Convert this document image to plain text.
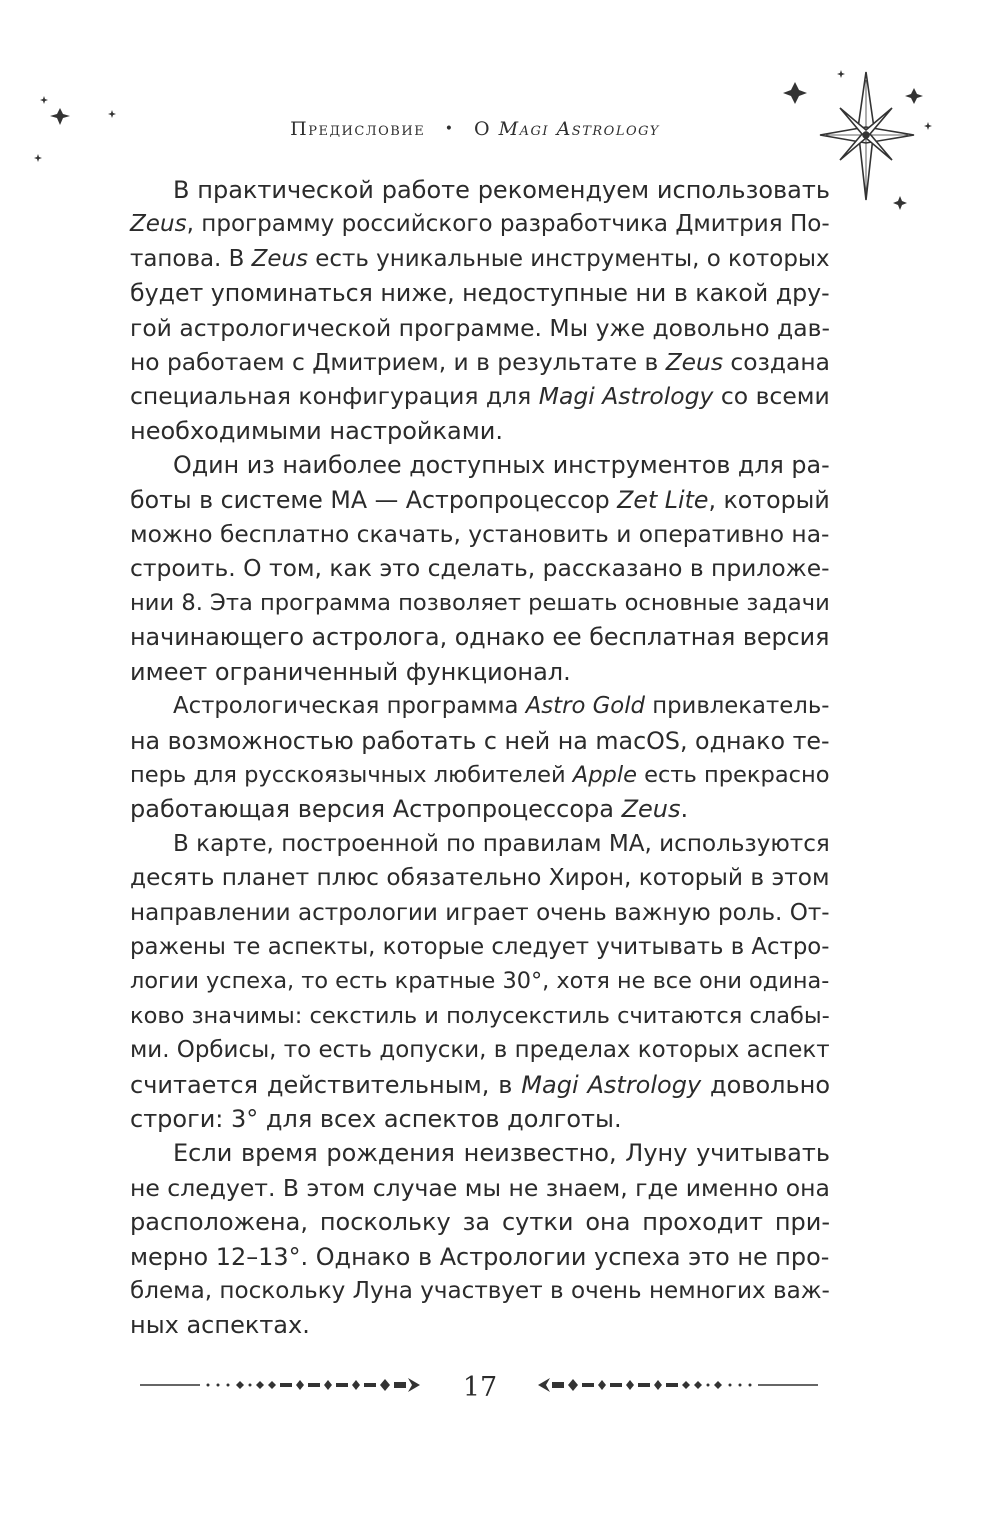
Предисловие • О Magi Astrology
В практической работе рекомендуем использовать
Zeus, программу российского разработчика Дмитрия По-
тапова. В Zeus есть уникальные инструменты, о которых
будет упоминаться ниже, недоступные ни в какой дру-
гой астрологической программе. Мы уже довольно дав-
но работаем с Дмитрием, и в результате в Zeus создана
специальная конфигурация для Magi Astrology со всеми
необходимыми настройками.
Один из наиболее доступных инструментов для ра-
боты в системе МА — Астропроцессор Zet Lite, который
можно бесплатно скачать, установить и оперативно на-
строить. О том, как это сделать, рассказано в приложе-
нии 8. Эта программа позволяет решать основные задачи
начинающего астролога, однако ее бесплатная версия
имеет ограниченный функционал.
Астрологическая программа Astro Gold привлекатель-
на возможностью работать с ней на macOS, однако те-
перь для русскоязычных любителей Apple есть прекрасно
работающая версия Астропроцессора Zeus.
В карте, построенной по правилам МА, используются
десять планет плюс обязательно Хирон, который в этом
направлении астрологии играет очень важную роль. От-
ражены те аспекты, которые следует учитывать в Астро-
логии успеха, то есть кратные 30°, хотя не все они одина-
ково значимы: секстиль и полусекстиль считаются слабы-
ми. Орбисы, то есть допуски, в пределах которых аспект
считается действительным, в Magi Astrology довольно
строги: 3° для всех аспектов долготы.
Если время рождения неизвестно, Луну учитывать
не следует. В этом случае мы не знаем, где именно она
расположена, поскольку за сутки она проходит при-
мерно 12–13°. Однако в Астрологии успеха это не про-
блема, поскольку Луна участвует в очень немногих важ-
ных аспектах.
17
